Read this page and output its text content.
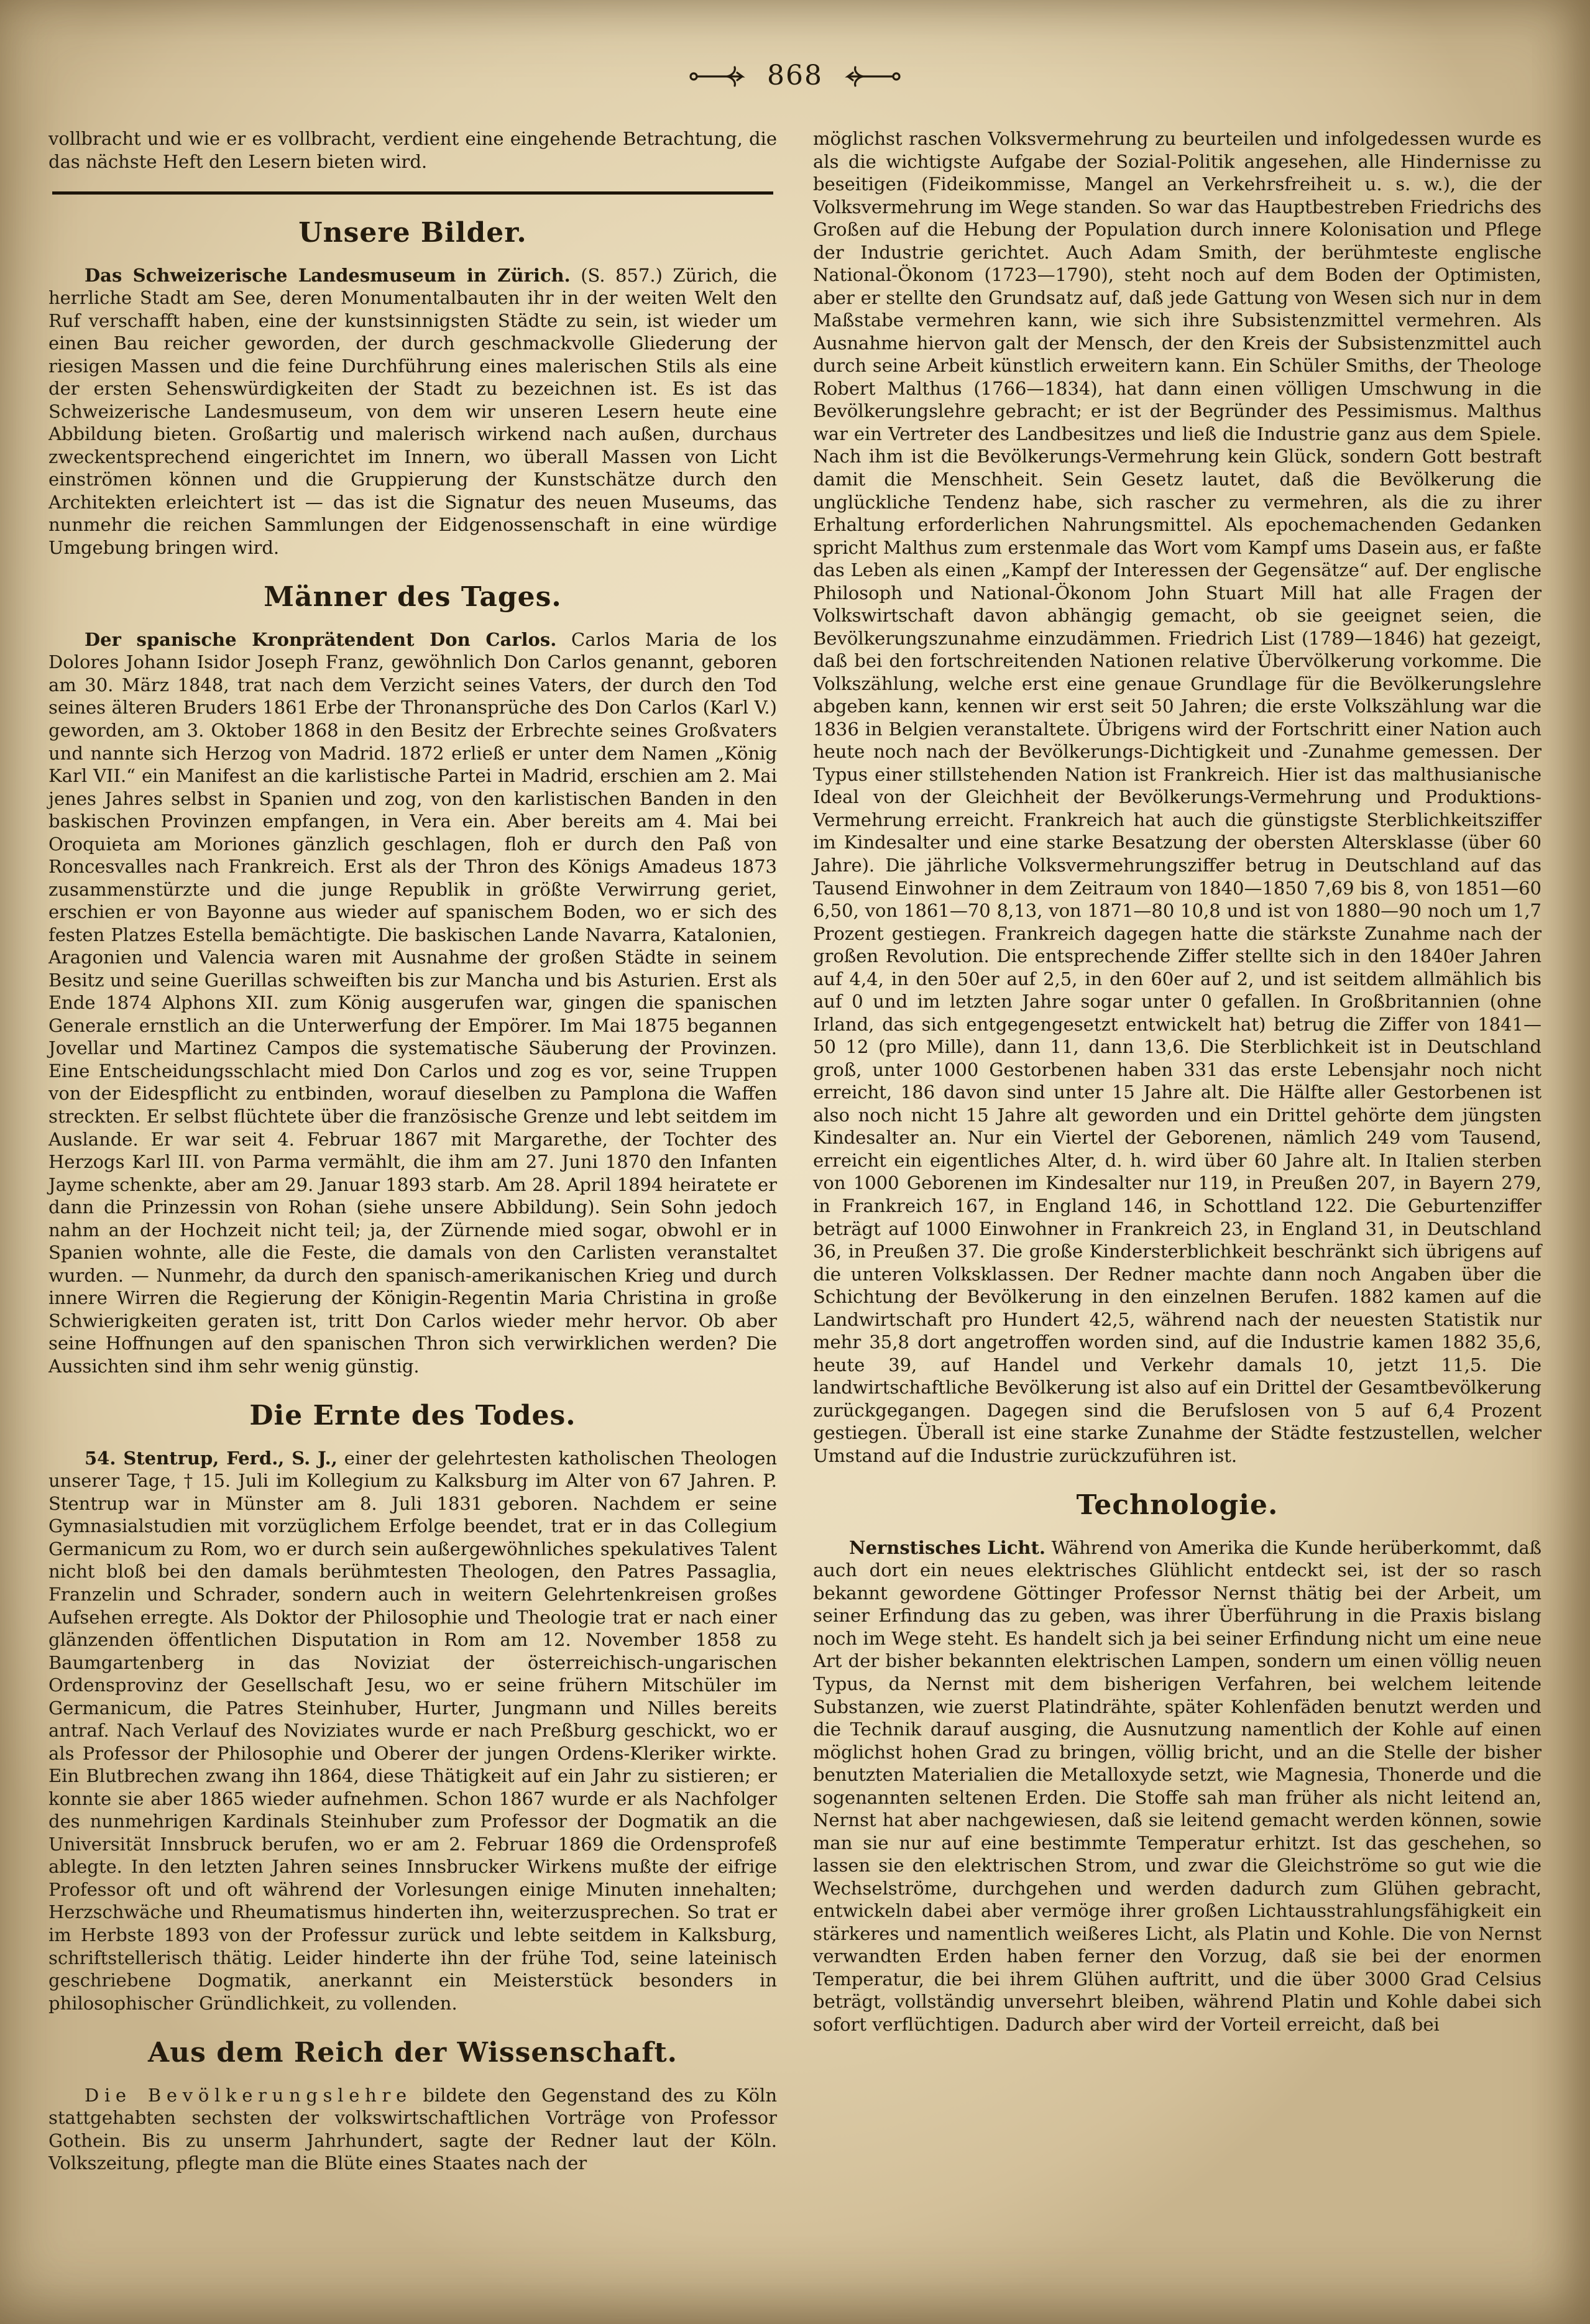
868

vollbracht und wie er es vollbracht, verdient eine eingehende Betrachtung, die das nächste Heft den Lesern bieten wird.

Unsere Bilder.

Das Schweizerische Landesmuseum in Zürich. (S. 857.) Zürich, die herrliche Stadt am See, deren Monumentalbauten ihr in der weiten Welt den Ruf verschafft haben, eine der kunstsinnigsten Städte zu sein, ist wieder um einen Bau reicher geworden, der durch geschmackvolle Gliederung der riesigen Massen und die feine Durchführung eines malerischen Stils als eine der ersten Sehenswürdigkeiten der Stadt zu bezeichnen ist. Es ist das Schweizerische Landesmuseum, von dem wir unseren Lesern heute eine Abbildung bieten. Großartig und malerisch wirkend nach außen, durchaus zweckentsprechend eingerichtet im Innern, wo überall Massen von Licht einströmen können und die Gruppierung der Kunstschätze durch den Architekten erleichtert ist — das ist die Signatur des neuen Museums, das nunmehr die reichen Sammlungen der Eidgenossenschaft in eine würdige Umgebung bringen wird.

Männer des Tages.

Der spanische Kronprätendent Don Carlos. Carlos Maria de los Dolores Johann Isidor Joseph Franz, gewöhnlich Don Carlos genannt, geboren am 30. März 1848, trat nach dem Verzicht seines Vaters, der durch den Tod seines älteren Bruders 1861 Erbe der Thronansprüche des Don Carlos (Karl V.) geworden, am 3. Oktober 1868 in den Besitz der Erbrechte seines Großvaters und nannte sich Herzog von Madrid. 1872 erließ er unter dem Namen „König Karl VII.“ ein Manifest an die karlistische Partei in Madrid, erschien am 2. Mai jenes Jahres selbst in Spanien und zog, von den karlistischen Banden in den baskischen Provinzen empfangen, in Vera ein. Aber bereits am 4. Mai bei Oroquieta am Moriones gänzlich geschlagen, floh er durch den Paß von Roncesvalles nach Frankreich. Erst als der Thron des Königs Amadeus 1873 zusammenstürzte und die junge Republik in größte Verwirrung geriet, erschien er von Bayonne aus wieder auf spanischem Boden, wo er sich des festen Platzes Estella bemächtigte. Die baskischen Lande Navarra, Katalonien, Aragonien und Valencia waren mit Ausnahme der großen Städte in seinem Besitz und seine Guerillas schweiften bis zur Mancha und bis Asturien. Erst als Ende 1874 Alphons XII. zum König ausgerufen war, gingen die spanischen Generale ernstlich an die Unterwerfung der Empörer. Im Mai 1875 begannen Jovellar und Martinez Campos die systematische Säuberung der Provinzen. Eine Entscheidungsschlacht mied Don Carlos und zog es vor, seine Truppen von der Eidespflicht zu entbinden, worauf dieselben zu Pamplona die Waffen streckten. Er selbst flüchtete über die französische Grenze und lebt seitdem im Auslande. Er war seit 4. Februar 1867 mit Margarethe, der Tochter des Herzogs Karl III. von Parma vermählt, die ihm am 27. Juni 1870 den Infanten Jayme schenkte, aber am 29. Januar 1893 starb. Am 28. April 1894 heiratete er dann die Prinzessin von Rohan (siehe unsere Abbildung). Sein Sohn jedoch nahm an der Hochzeit nicht teil; ja, der Zürnende mied sogar, obwohl er in Spanien wohnte, alle die Feste, die damals von den Carlisten veranstaltet wurden. — Nunmehr, da durch den spanisch-amerikanischen Krieg und durch innere Wirren die Regierung der Königin-Regentin Maria Christina in große Schwierigkeiten geraten ist, tritt Don Carlos wieder mehr hervor. Ob aber seine Hoffnungen auf den spanischen Thron sich verwirklichen werden? Die Aussichten sind ihm sehr wenig günstig.

Die Ernte des Todes.

54. Stentrup, Ferd., S. J., einer der gelehrtesten katholischen Theologen unserer Tage, † 15. Juli im Kollegium zu Kalksburg im Alter von 67 Jahren. P. Stentrup war in Münster am 8. Juli 1831 geboren. Nachdem er seine Gymnasialstudien mit vorzüglichem Erfolge beendet, trat er in das Collegium Germanicum zu Rom, wo er durch sein außergewöhnliches spekulatives Talent nicht bloß bei den damals berühmtesten Theologen, den Patres Passaglia, Franzelin und Schrader, sondern auch in weitern Gelehrtenkreisen großes Aufsehen erregte. Als Doktor der Philosophie und Theologie trat er nach einer glänzenden öffentlichen Disputation in Rom am 12. November 1858 zu Baumgartenberg in das Noviziat der österreichisch-ungarischen Ordensprovinz der Gesellschaft Jesu, wo er seine frühern Mitschüler im Germanicum, die Patres Steinhuber, Hurter, Jungmann und Nilles bereits antraf. Nach Verlauf des Noviziates wurde er nach Preßburg geschickt, wo er als Professor der Philosophie und Oberer der jungen Ordens-Kleriker wirkte. Ein Blutbrechen zwang ihn 1864, diese Thätigkeit auf ein Jahr zu sistieren; er konnte sie aber 1865 wieder aufnehmen. Schon 1867 wurde er als Nachfolger des nunmehrigen Kardinals Steinhuber zum Professor der Dogmatik an die Universität Innsbruck berufen, wo er am 2. Februar 1869 die Ordensprofeß ablegte. In den letzten Jahren seines Innsbrucker Wirkens mußte der eifrige Professor oft und oft während der Vorlesungen einige Minuten innehalten; Herzschwäche und Rheumatismus hinderten ihn, weiterzusprechen. So trat er im Herbste 1893 von der Professur zurück und lebte seitdem in Kalksburg, schriftstellerisch thätig. Leider hinderte ihn der frühe Tod, seine lateinisch geschriebene Dogmatik, anerkannt ein Meisterstück besonders in philosophischer Gründlichkeit, zu vollenden.

Aus dem Reich der Wissenschaft.

Die Bevölkerungslehre bildete den Gegenstand des zu Köln stattgehabten sechsten der volkswirtschaftlichen Vorträge von Professor Gothein. Bis zu unserm Jahrhundert, sagte der Redner laut der Köln. Volkszeitung, pflegte man die Blüte eines Staates nach der

möglichst raschen Volksvermehrung zu beurteilen und infolgedessen wurde es als die wichtigste Aufgabe der Sozial-Politik angesehen, alle Hindernisse zu beseitigen (Fideikommisse, Mangel an Verkehrsfreiheit u. s. w.), die der Volksvermehrung im Wege standen. So war das Hauptbestreben Friedrichs des Großen auf die Hebung der Population durch innere Kolonisation und Pflege der Industrie gerichtet. Auch Adam Smith, der berühmteste englische National-Ökonom (1723—1790), steht noch auf dem Boden der Optimisten, aber er stellte den Grundsatz auf, daß jede Gattung von Wesen sich nur in dem Maßstabe vermehren kann, wie sich ihre Subsistenzmittel vermehren. Als Ausnahme hiervon galt der Mensch, der den Kreis der Subsistenzmittel auch durch seine Arbeit künstlich erweitern kann. Ein Schüler Smiths, der Theologe Robert Malthus (1766—1834), hat dann einen völligen Umschwung in die Bevölkerungslehre gebracht; er ist der Begründer des Pessimismus. Malthus war ein Vertreter des Landbesitzes und ließ die Industrie ganz aus dem Spiele. Nach ihm ist die Bevölkerungs-Vermehrung kein Glück, sondern Gott bestraft damit die Menschheit. Sein Gesetz lautet, daß die Bevölkerung die unglückliche Tendenz habe, sich rascher zu vermehren, als die zu ihrer Erhaltung erforderlichen Nahrungsmittel. Als epochemachenden Gedanken spricht Malthus zum erstenmale das Wort vom Kampf ums Dasein aus, er faßte das Leben als einen „Kampf der Interessen der Gegensätze“ auf. Der englische Philosoph und National-Ökonom John Stuart Mill hat alle Fragen der Volkswirtschaft davon abhängig gemacht, ob sie geeignet seien, die Bevölkerungszunahme einzudämmen. Friedrich List (1789—1846) hat gezeigt, daß bei den fortschreitenden Nationen relative Übervölkerung vorkomme. Die Volkszählung, welche erst eine genaue Grundlage für die Bevölkerungslehre abgeben kann, kennen wir erst seit 50 Jahren; die erste Volkszählung war die 1836 in Belgien veranstaltete. Übrigens wird der Fortschritt einer Nation auch heute noch nach der Bevölkerungs-Dichtigkeit und -Zunahme gemessen. Der Typus einer stillstehenden Nation ist Frankreich. Hier ist das malthusianische Ideal von der Gleichheit der Bevölkerungs-Vermehrung und Produktions-Vermehrung erreicht. Frankreich hat auch die günstigste Sterblichkeitsziffer im Kindesalter und eine starke Besatzung der obersten Altersklasse (über 60 Jahre). Die jährliche Volksvermehrungsziffer betrug in Deutschland auf das Tausend Einwohner in dem Zeitraum von 1840—1850 7,69 bis 8, von 1851—60 6,50, von 1861—70 8,13, von 1871—80 10,8 und ist von 1880—90 noch um 1,7 Prozent gestiegen. Frankreich dagegen hatte die stärkste Zunahme nach der großen Revolution. Die entsprechende Ziffer stellte sich in den 1840er Jahren auf 4,4, in den 50er auf 2,5, in den 60er auf 2, und ist seitdem allmählich bis auf 0 und im letzten Jahre sogar unter 0 gefallen. In Großbritannien (ohne Irland, das sich entgegengesetzt entwickelt hat) betrug die Ziffer von 1841—50 12 (pro Mille), dann 11, dann 13,6. Die Sterblichkeit ist in Deutschland groß, unter 1000 Gestorbenen haben 331 das erste Lebensjahr noch nicht erreicht, 186 davon sind unter 15 Jahre alt. Die Hälfte aller Gestorbenen ist also noch nicht 15 Jahre alt geworden und ein Drittel gehörte dem jüngsten Kindesalter an. Nur ein Viertel der Geborenen, nämlich 249 vom Tausend, erreicht ein eigentliches Alter, d. h. wird über 60 Jahre alt. In Italien sterben von 1000 Geborenen im Kindesalter nur 119, in Preußen 207, in Bayern 279, in Frankreich 167, in England 146, in Schottland 122. Die Geburtenziffer beträgt auf 1000 Einwohner in Frankreich 23, in England 31, in Deutschland 36, in Preußen 37. Die große Kindersterblichkeit beschränkt sich übrigens auf die unteren Volksklassen. Der Redner machte dann noch Angaben über die Schichtung der Bevölkerung in den einzelnen Berufen. 1882 kamen auf die Landwirtschaft pro Hundert 42,5, während nach der neuesten Statistik nur mehr 35,8 dort angetroffen worden sind, auf die Industrie kamen 1882 35,6, heute 39, auf Handel und Verkehr damals 10, jetzt 11,5. Die landwirtschaftliche Bevölkerung ist also auf ein Drittel der Gesamtbevölkerung zurückgegangen. Dagegen sind die Berufslosen von 5 auf 6,4 Prozent gestiegen. Überall ist eine starke Zunahme der Städte festzustellen, welcher Umstand auf die Industrie zurückzuführen ist.

Technologie.

Nernstisches Licht. Während von Amerika die Kunde herüberkommt, daß auch dort ein neues elektrisches Glühlicht entdeckt sei, ist der so rasch bekannt gewordene Göttinger Professor Nernst thätig bei der Arbeit, um seiner Erfindung das zu geben, was ihrer Überführung in die Praxis bislang noch im Wege steht. Es handelt sich ja bei seiner Erfindung nicht um eine neue Art der bisher bekannten elektrischen Lampen, sondern um einen völlig neuen Typus, da Nernst mit dem bisherigen Verfahren, bei welchem leitende Substanzen, wie zuerst Platindrähte, später Kohlenfäden benutzt werden und die Technik darauf ausging, die Ausnutzung namentlich der Kohle auf einen möglichst hohen Grad zu bringen, völlig bricht, und an die Stelle der bisher benutzten Materialien die Metalloxyde setzt, wie Magnesia, Thonerde und die sogenannten seltenen Erden. Die Stoffe sah man früher als nicht leitend an, Nernst hat aber nachgewiesen, daß sie leitend gemacht werden können, sowie man sie nur auf eine bestimmte Temperatur erhitzt. Ist das geschehen, so lassen sie den elektrischen Strom, und zwar die Gleichströme so gut wie die Wechselströme, durchgehen und werden dadurch zum Glühen gebracht, entwickeln dabei aber vermöge ihrer großen Lichtausstrahlungsfähigkeit ein stärkeres und namentlich weißeres Licht, als Platin und Kohle. Die von Nernst verwandten Erden haben ferner den Vorzug, daß sie bei der enormen Temperatur, die bei ihrem Glühen auftritt, und die über 3000 Grad Celsius beträgt, vollständig unversehrt bleiben, während Platin und Kohle dabei sich sofort verflüchtigen. Dadurch aber wird der Vorteil erreicht, daß bei
